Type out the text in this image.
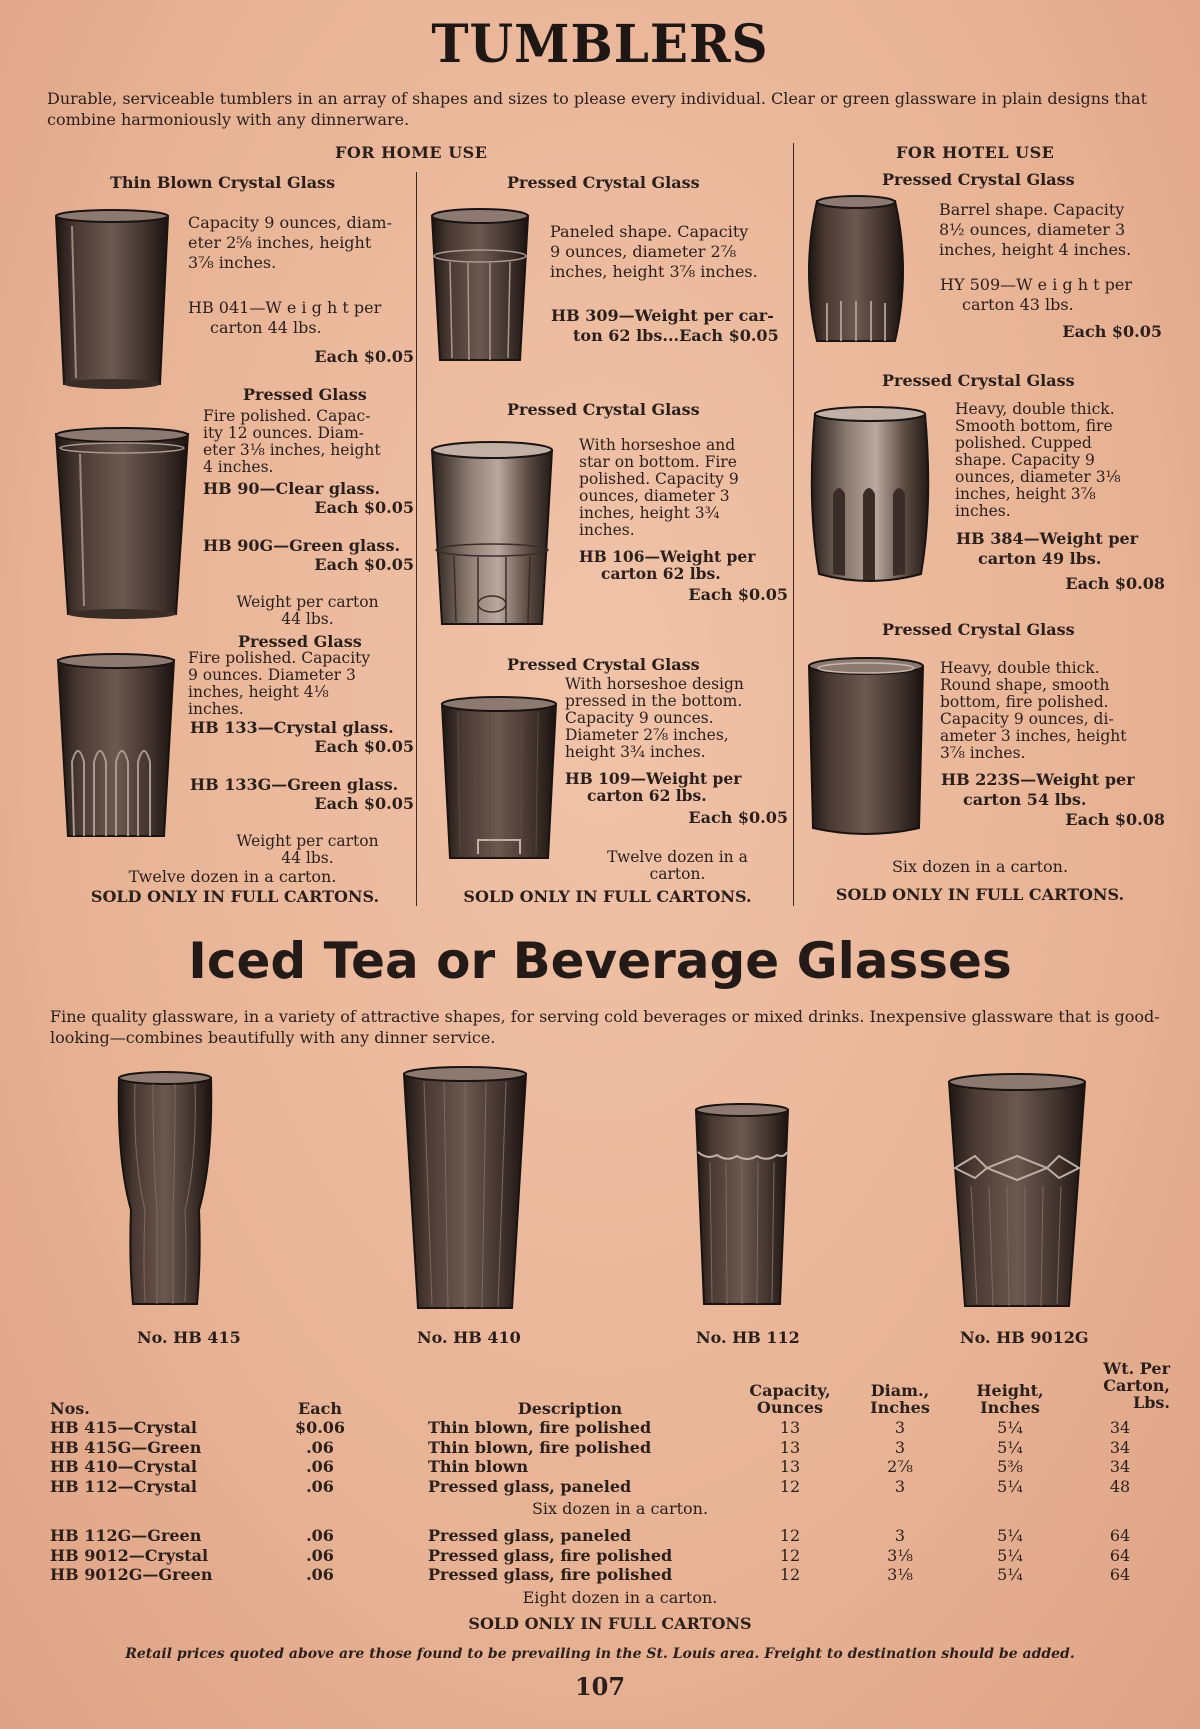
TUMBLERS
Durable, serviceable tumblers in an array of shapes and sizes to please every individual. Clear or green glassware in plain designs that combine harmoniously with any dinnerware.
FOR HOME USE	FOR HOTEL USE
Thin Blown Crystal Glass
Capacity 9 ounces, diam-
eter 2⅝ inches, height
3⅞ inches.
HB 041—W e i g h t per
carton 44 lbs.
Each $0.05
Pressed Glass
Fire polished. Capac-
ity 12 ounces. Diam-
eter 3⅛ inches, height
4 inches.
HB 90—Clear glass.
Each $0.05
HB 90G—Green glass.
Each $0.05
Weight per carton
44 lbs.
Pressed Glass
Fire polished. Capacity
9 ounces. Diameter 3
inches, height 4⅛
inches.
HB 133—Crystal glass.
Each $0.05
HB 133G—Green glass.
Each $0.05
Weight per carton
44 lbs.
Twelve dozen in a carton.
SOLD ONLY IN FULL CARTONS.
Pressed Crystal Glass
Paneled shape. Capacity
9 ounces, diameter 2⅞
inches, height 3⅞ inches.
HB 309—Weight per car-
ton 62 lbs...Each $0.05
Pressed Crystal Glass
With horseshoe and
star on bottom. Fire
polished. Capacity 9
ounces, diameter 3
inches, height 3¾
inches.
HB 106—Weight per
carton 62 lbs.
Each $0.05
Pressed Crystal Glass
With horseshoe design
pressed in the bottom.
Capacity 9 ounces.
Diameter 2⅞ inches,
height 3¾ inches.
HB 109—Weight per
carton 62 lbs.
Each $0.05
Twelve dozen in a
carton.
SOLD ONLY IN FULL CARTONS.
Pressed Crystal Glass
Barrel shape. Capacity
8½ ounces, diameter 3
inches, height 4 inches.
HY 509—W e i g h t per
carton 43 lbs.
Each $0.05
Pressed Crystal Glass
Heavy, double thick.
Smooth bottom, fire
polished. Cupped
shape. Capacity 9
ounces, diameter 3⅛
inches, height 3⅞
inches.
HB 384—Weight per
carton 49 lbs.
Each $0.08
Pressed Crystal Glass
Heavy, double thick.
Round shape, smooth
bottom, fire polished.
Capacity 9 ounces, di-
ameter 3 inches, height
3⅞ inches.
HB 223S—Weight per
carton 54 lbs.
Each $0.08
Six dozen in a carton.
SOLD ONLY IN FULL CARTONS.
Iced Tea or Beverage Glasses
Fine quality glassware, in a variety of attractive shapes, for serving cold beverages or mixed drinks. Inexpensive glassware that is good-looking—combines beautifully with any dinner service.
No. HB 415	No. HB 410	No. HB 112	No. HB 9012G
Nos.	Each	Description
Capacity,
Ounces
Diam.,
Inches
Height,
Inches
Wt. Per
Carton,
Lbs.
HB 415—Crystal	$0.06	Thin blown, fire polished	13	3	5¼	34
HB 415G—Green	.06	Thin blown, fire polished	13	3	5¼	34
HB 410—Crystal	.06	Thin blown	13	2⅞	5⅜	34
HB 112—Crystal	.06	Pressed glass, paneled	12	3	5¼	48
Six dozen in a carton.
HB 112G—Green	.06	Pressed glass, paneled	12	3	5¼	64
HB 9012—Crystal	.06	Pressed glass, fire polished	12	3⅛	5¼	64
HB 9012G—Green	.06	Pressed glass, fire polished	12	3⅛	5¼	64
Eight dozen in a carton.
SOLD ONLY IN FULL CARTONS
Retail prices quoted above are those found to be prevailing in the St. Louis area. Freight to destination should be added.
107
